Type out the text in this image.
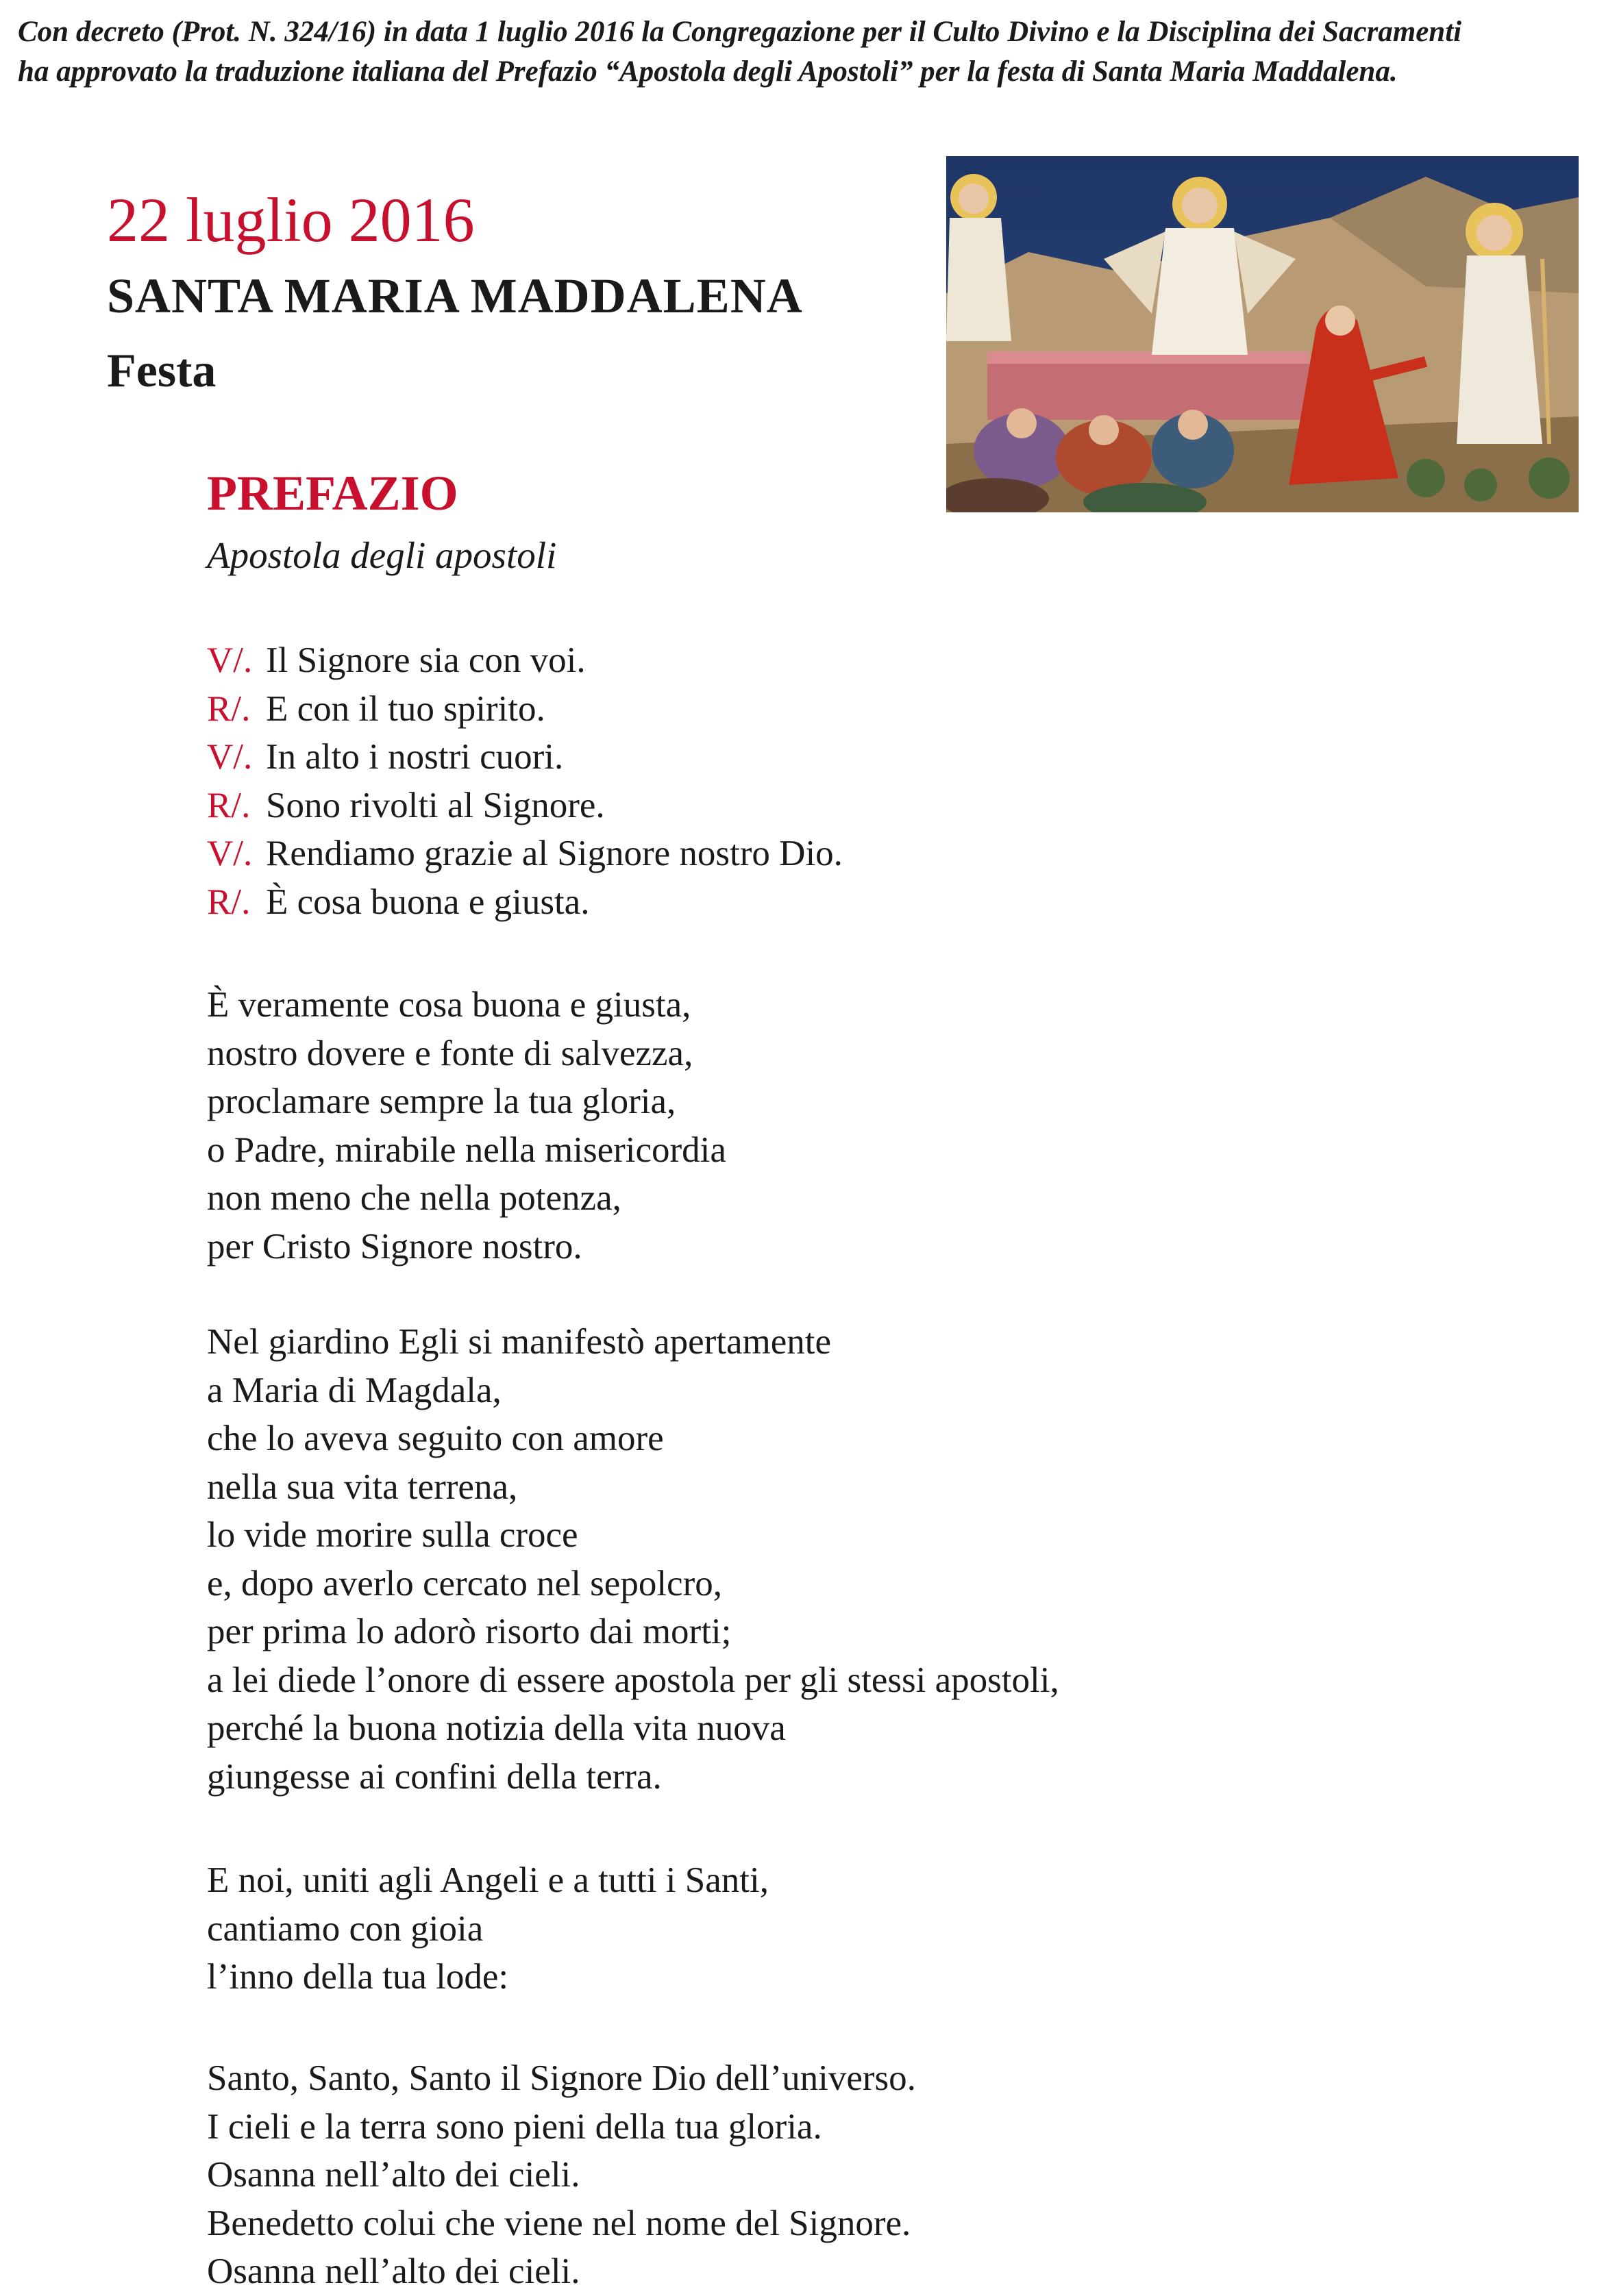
Con decreto (Prot. N. 324/16) in data 1 luglio 2016 la Congregazione per il Culto Divino e la Disciplina dei Sacramenti
ha approvato la traduzione italiana del Prefazio “Apostola degli Apostoli” per la festa di Santa Maria Maddalena.
22 luglio 2016
SANTA MARIA MADDALENA
Festa
PREFAZIO
Apostola degli apostoli
V/. Il Signore sia con voi.
R/. E con il tuo spirito.
V/. In alto i nostri cuori.
R/. Sono rivolti al Signore.
V/. Rendiamo grazie al Signore nostro Dio.
R/. È cosa buona e giusta.
È veramente cosa buona e giusta,
nostro dovere e fonte di salvezza,
proclamare sempre la tua gloria,
o Padre, mirabile nella misericordia
non meno che nella potenza,
per Cristo Signore nostro.
Nel giardino Egli si manifestò apertamente
a Maria di Magdala,
che lo aveva seguito con amore
nella sua vita terrena,
lo vide morire sulla croce
e, dopo averlo cercato nel sepolcro,
per prima lo adorò risorto dai morti;
a lei diede l’onore di essere apostola per gli stessi apostoli,
perché la buona notizia della vita nuova
giungesse ai confini della terra.
E noi, uniti agli Angeli e a tutti i Santi,
cantiamo con gioia
l’inno della tua lode:
Santo, Santo, Santo il Signore Dio dell’universo.
I cieli e la terra sono pieni della tua gloria.
Osanna nell’alto dei cieli.
Benedetto colui che viene nel nome del Signore.
Osanna nell’alto dei cieli.
